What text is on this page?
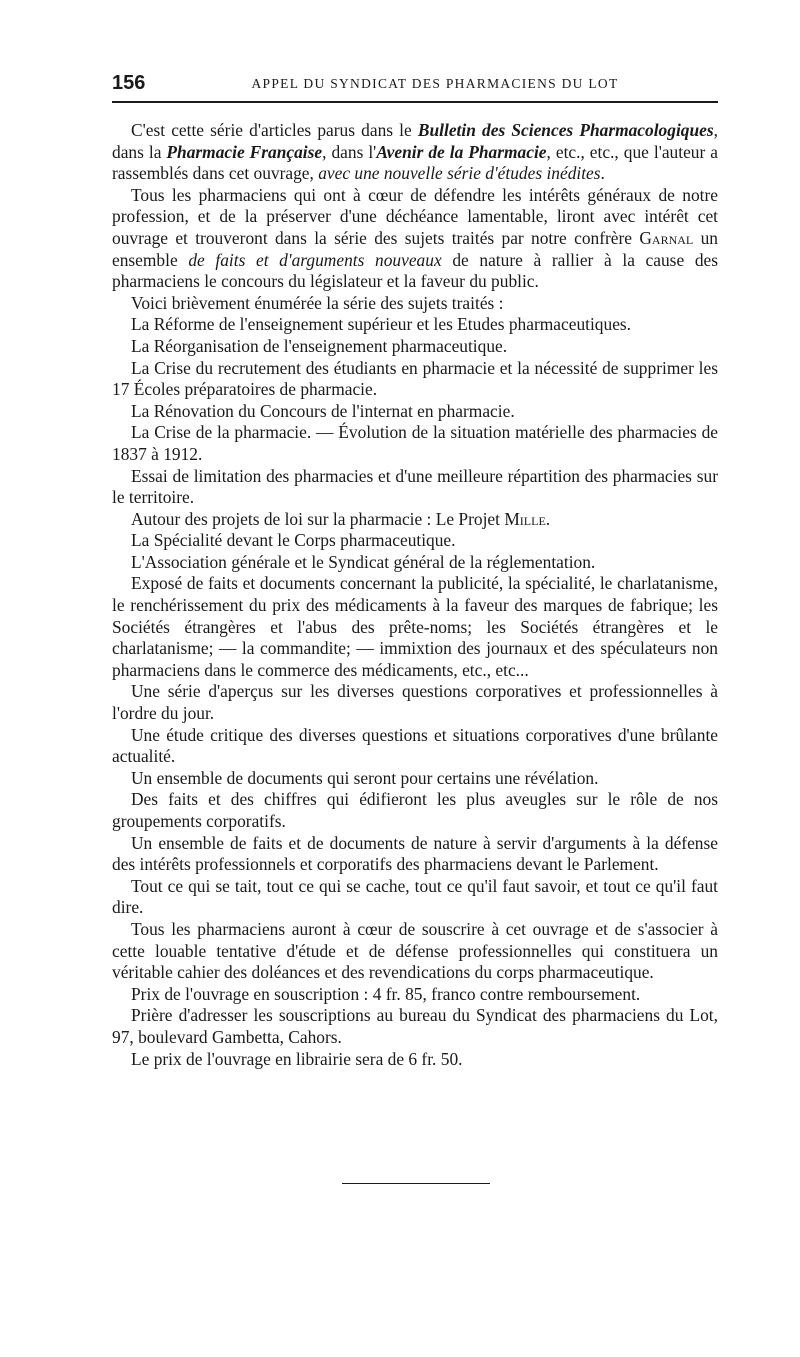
156	APPEL DU SYNDICAT DES PHARMACIENS DU LOT

C'est cette série d'articles parus dans le Bulletin des Sciences Pharmacologiques, dans la Pharmacie Française, dans l'Avenir de la Pharmacie, etc., etc., que l'auteur a rassemblés dans cet ouvrage, avec une nouvelle série d'études inédites.

Tous les pharmaciens qui ont à cœur de défendre les intérêts généraux de notre profession, et de la préserver d'une déchéance lamentable, liront avec intérêt cet ouvrage et trouveront dans la série des sujets traités par notre confrère Garnal un ensemble de faits et d'arguments nouveaux de nature à rallier à la cause des pharmaciens le concours du législateur et la faveur du public.

Voici brièvement énumérée la série des sujets traités :

La Réforme de l'enseignement supérieur et les Etudes pharmaceutiques.

La Réorganisation de l'enseignement pharmaceutique.

La Crise du recrutement des étudiants en pharmacie et la nécessité de supprimer les 17 Écoles préparatoires de pharmacie.

La Rénovation du Concours de l'internat en pharmacie.

La Crise de la pharmacie. — Évolution de la situation matérielle des pharmacies de 1837 à 1912.

Essai de limitation des pharmacies et d'une meilleure répartition des pharmacies sur le territoire.

Autour des projets de loi sur la pharmacie : Le Projet Mille.

La Spécialité devant le Corps pharmaceutique.

L'Association générale et le Syndicat général de la réglementation.

Exposé de faits et documents concernant la publicité, la spécialité, le charlatanisme, le renchérissement du prix des médicaments à la faveur des marques de fabrique; les Sociétés étrangères et l'abus des prête-noms; les Sociétés étrangères et le charlatanisme; — la commandite; — immixtion des journaux et des spéculateurs non pharmaciens dans le commerce des médicaments, etc., etc...

Une série d'aperçus sur les diverses questions corporatives et professionnelles à l'ordre du jour.

Une étude critique des diverses questions et situations corporatives d'une brûlante actualité.

Un ensemble de documents qui seront pour certains une révélation.

Des faits et des chiffres qui édifieront les plus aveugles sur le rôle de nos groupements corporatifs.

Un ensemble de faits et de documents de nature à servir d'arguments à la défense des intérêts professionnels et corporatifs des pharmaciens devant le Parlement.

Tout ce qui se tait, tout ce qui se cache, tout ce qu'il faut savoir, et tout ce qu'il faut dire.

Tous les pharmaciens auront à cœur de souscrire à cet ouvrage et de s'associer à cette louable tentative d'étude et de défense professionnelles qui constituera un véritable cahier des doléances et des revendications du corps pharmaceutique.

Prix de l'ouvrage en souscription : 4 fr. 85, franco contre remboursement.

Prière d'adresser les souscriptions au bureau du Syndicat des pharmaciens du Lot, 97, boulevard Gambetta, Cahors.

Le prix de l'ouvrage en librairie sera de 6 fr. 50.
